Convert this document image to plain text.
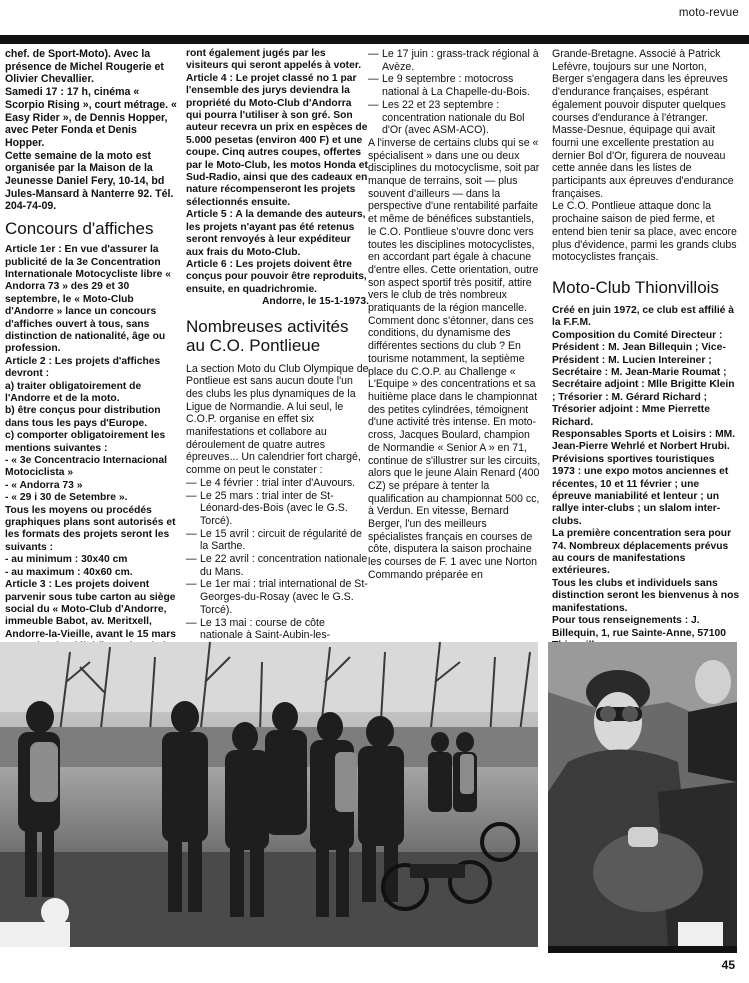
moto-revue

chef. de Sport-Moto). Avec la présence de Michel Rougerie et Olivier Chevallier.

Samedi 17 : 17 h, cinéma « Scorpio Rising », court métrage. « Easy Rider », de Dennis Hopper, avec Peter Fonda et Denis Hopper.

Cette semaine de la moto est organisée par la Maison de la Jeunesse Daniel Fery, 10-14, bd Jules-Mansard à Nanterre 92. Tél. 204-74-09.

Concours d'affiches

Article 1er : En vue d'assurer la publicité de la 3e Concentration Internationale Motocycliste libre « Andorra 73 » des 29 et 30 septembre, le « Moto-Club d'Andorre » lance un concours d'affiches ouvert à tous, sans distinction de nationalité, âge ou profession.

Article 2 : Les projets d'affiches devront :

a) traiter obligatoirement de l'Andorre et de la moto.

b) être conçus pour distribution dans tous les pays d'Europe.

c) comporter obligatoirement les mentions suivantes :

- « 3e Concentracio Internacional Motociclista »

- « Andorra 73 »

- « 29 i 30 de Setembre ».

Tous les moyens ou procédés graphiques plans sont autorisés et les formats des projets seront les suivants :

- au minimum : 30x40 cm

- au maximum : 40x60 cm.

Article 3 : Les projets doivent parvenir sous tube carton au siège social du « Moto-Club d'Andorre, immeuble Babot, av. Meritxell, Andorre-la-Vieille, avant le 15 mars

ront également jugés par les visiteurs qui seront appelés à voter.

Article 4 : Le projet classé no 1 par l'ensemble des jurys deviendra la propriété du Moto-Club d'Andorra qui pourra l'utiliser à son gré. Son auteur recevra un prix en espèces de 5.000 pesetas (environ 400 F) et une coupe. Cinq autres coupes, offertes par le Moto-Club, les motos Honda et Sud-Radio, ainsi que des cadeaux en nature récompenseront les projets sélectionnés ensuite.

Article 5 : A la demande des auteurs, les projets n'ayant pas été retenus seront renvoyés à leur expéditeur aux frais du Moto-Club.

Article 6 : Les projets doivent être conçus pour pouvoir être reproduits, ensuite, en quadrichromie.

Andorre, le 15-1-1973.

Nombreuses activités au C.O. Pontlieue

La section Moto du Club Olympique de Pontlieue est sans aucun doute l'un des clubs les plus dynamiques de la Ligue de Normandie. A lui seul, le C.O.P. organise en effet six manifestations et collabore au déroulement de quatre autres épreuves... Un calendrier fort chargé, comme on peut le constater :

— Le 4 février : trial inter d'Auvours.
— Le 25 mars : trial inter de St-Léonard-des-Bois (avec le G.S. Torcé).
— Le 15 avril : circuit de régularité de la Sarthe.
— Le 22 avril : concentration nationale du Mans.
— Le 1er mai : trial international de St-Georges-du-Rosay (avec le G.S. Torcé).
— Le 13 mai : course de côte nationale à Saint-Aubin-les-
— Le 17 juin : grass-track régional à Avèze.
— Le 9 septembre : motocross national à La Chapelle-du-Bois.
— Les 22 et 23 septembre : concentration nationale du Bol d'Or (avec ASM-ACO).

A l'inverse de certains clubs qui se « spécialisent » dans une ou deux disciplines du motocyclisme, soit par manque de terrains, soit — plus souvent d'ailleurs — dans la perspective d'une rentabilité parfaite et même de bénéfices substantiels, le C.O. Pontlieue s'ouvre donc vers toutes les disciplines motocyclistes, en accordant part égale à chacune d'entre elles. Cette orientation, outre son aspect sportif très positif, attire vers le club de très nombreux pratiquants de la région mancelle.

Comment donc s'étonner, dans ces conditions, du dynamisme des différentes sections du club ? En tourisme notamment, la septième place du C.O.P. au Challenge « L'Equipe » des concentrations et sa huitième place dans le championnat des petites cylindrées, témoignent d'une activité très intense. En moto-cross, Jacques Boulard, champion de Normandie « Senior A » en 71, continue de s'illustrer sur les circuits, alors que le jeune Alain Renard (400 CZ) se prépare à tenter la qualification au championnat 500 cc, à Verdun. En vitesse, Bernard Berger, l'un des meilleurs spécialistes français en courses de côte, disputera la saison prochaine les courses de F. 1 avec une Norton Commando préparée en

Grande-Bretagne. Associé à Patrick Lefèvre, toujours sur une Norton, Berger s'engagera dans les épreuves d'endurance françaises, espérant également pouvoir disputer quelques courses d'endurance à l'étranger. Masse-Desnue, équipage qui avait fourni une excellente prestation au dernier Bol d'Or, figurera de nouveau cette année dans les listes de participants aux épreuves d'endurance françaises.

Le C.O. Pontlieue attaque donc la prochaine saison de pied ferme, et entend bien tenir sa place, avec encore plus d'évidence, parmi les grands clubs motocyclistes français.

Moto-Club Thionvillois

Créé en juin 1972, ce club est affilié à la F.F.M.

Composition du Comité Directeur : Président : M. Jean Billequin ; Vice-Président : M. Lucien Intereiner ; Secrétaire : M. Jean-Marie Roumat ; Secrétaire adjoint : Mlle Brigitte Klein ; Trésorier : M. Gérard Richard ; Trésorier adjoint : Mme Pierrette Richard.

Responsables Sports et Loisirs : MM. Jean-Pierre Wehrlé et Norbert Hrubi.

Prévisions sportives touristiques 1973 : une expo motos anciennes et récentes, 10 et 11 février ; une épreuve maniabilité et lenteur ; un rallye inter-clubs ; un slalom inter-clubs.

La première concentration sera pour 74. Nombreux déplacements prévus au cours de manifestations extérieures.

Tous les clubs et individuels sans distinction seront les bienvenus à nos manifestations.

Pour tous renseignements : J. Billequin, 1, rue Sainte-Anne, 57100

45
